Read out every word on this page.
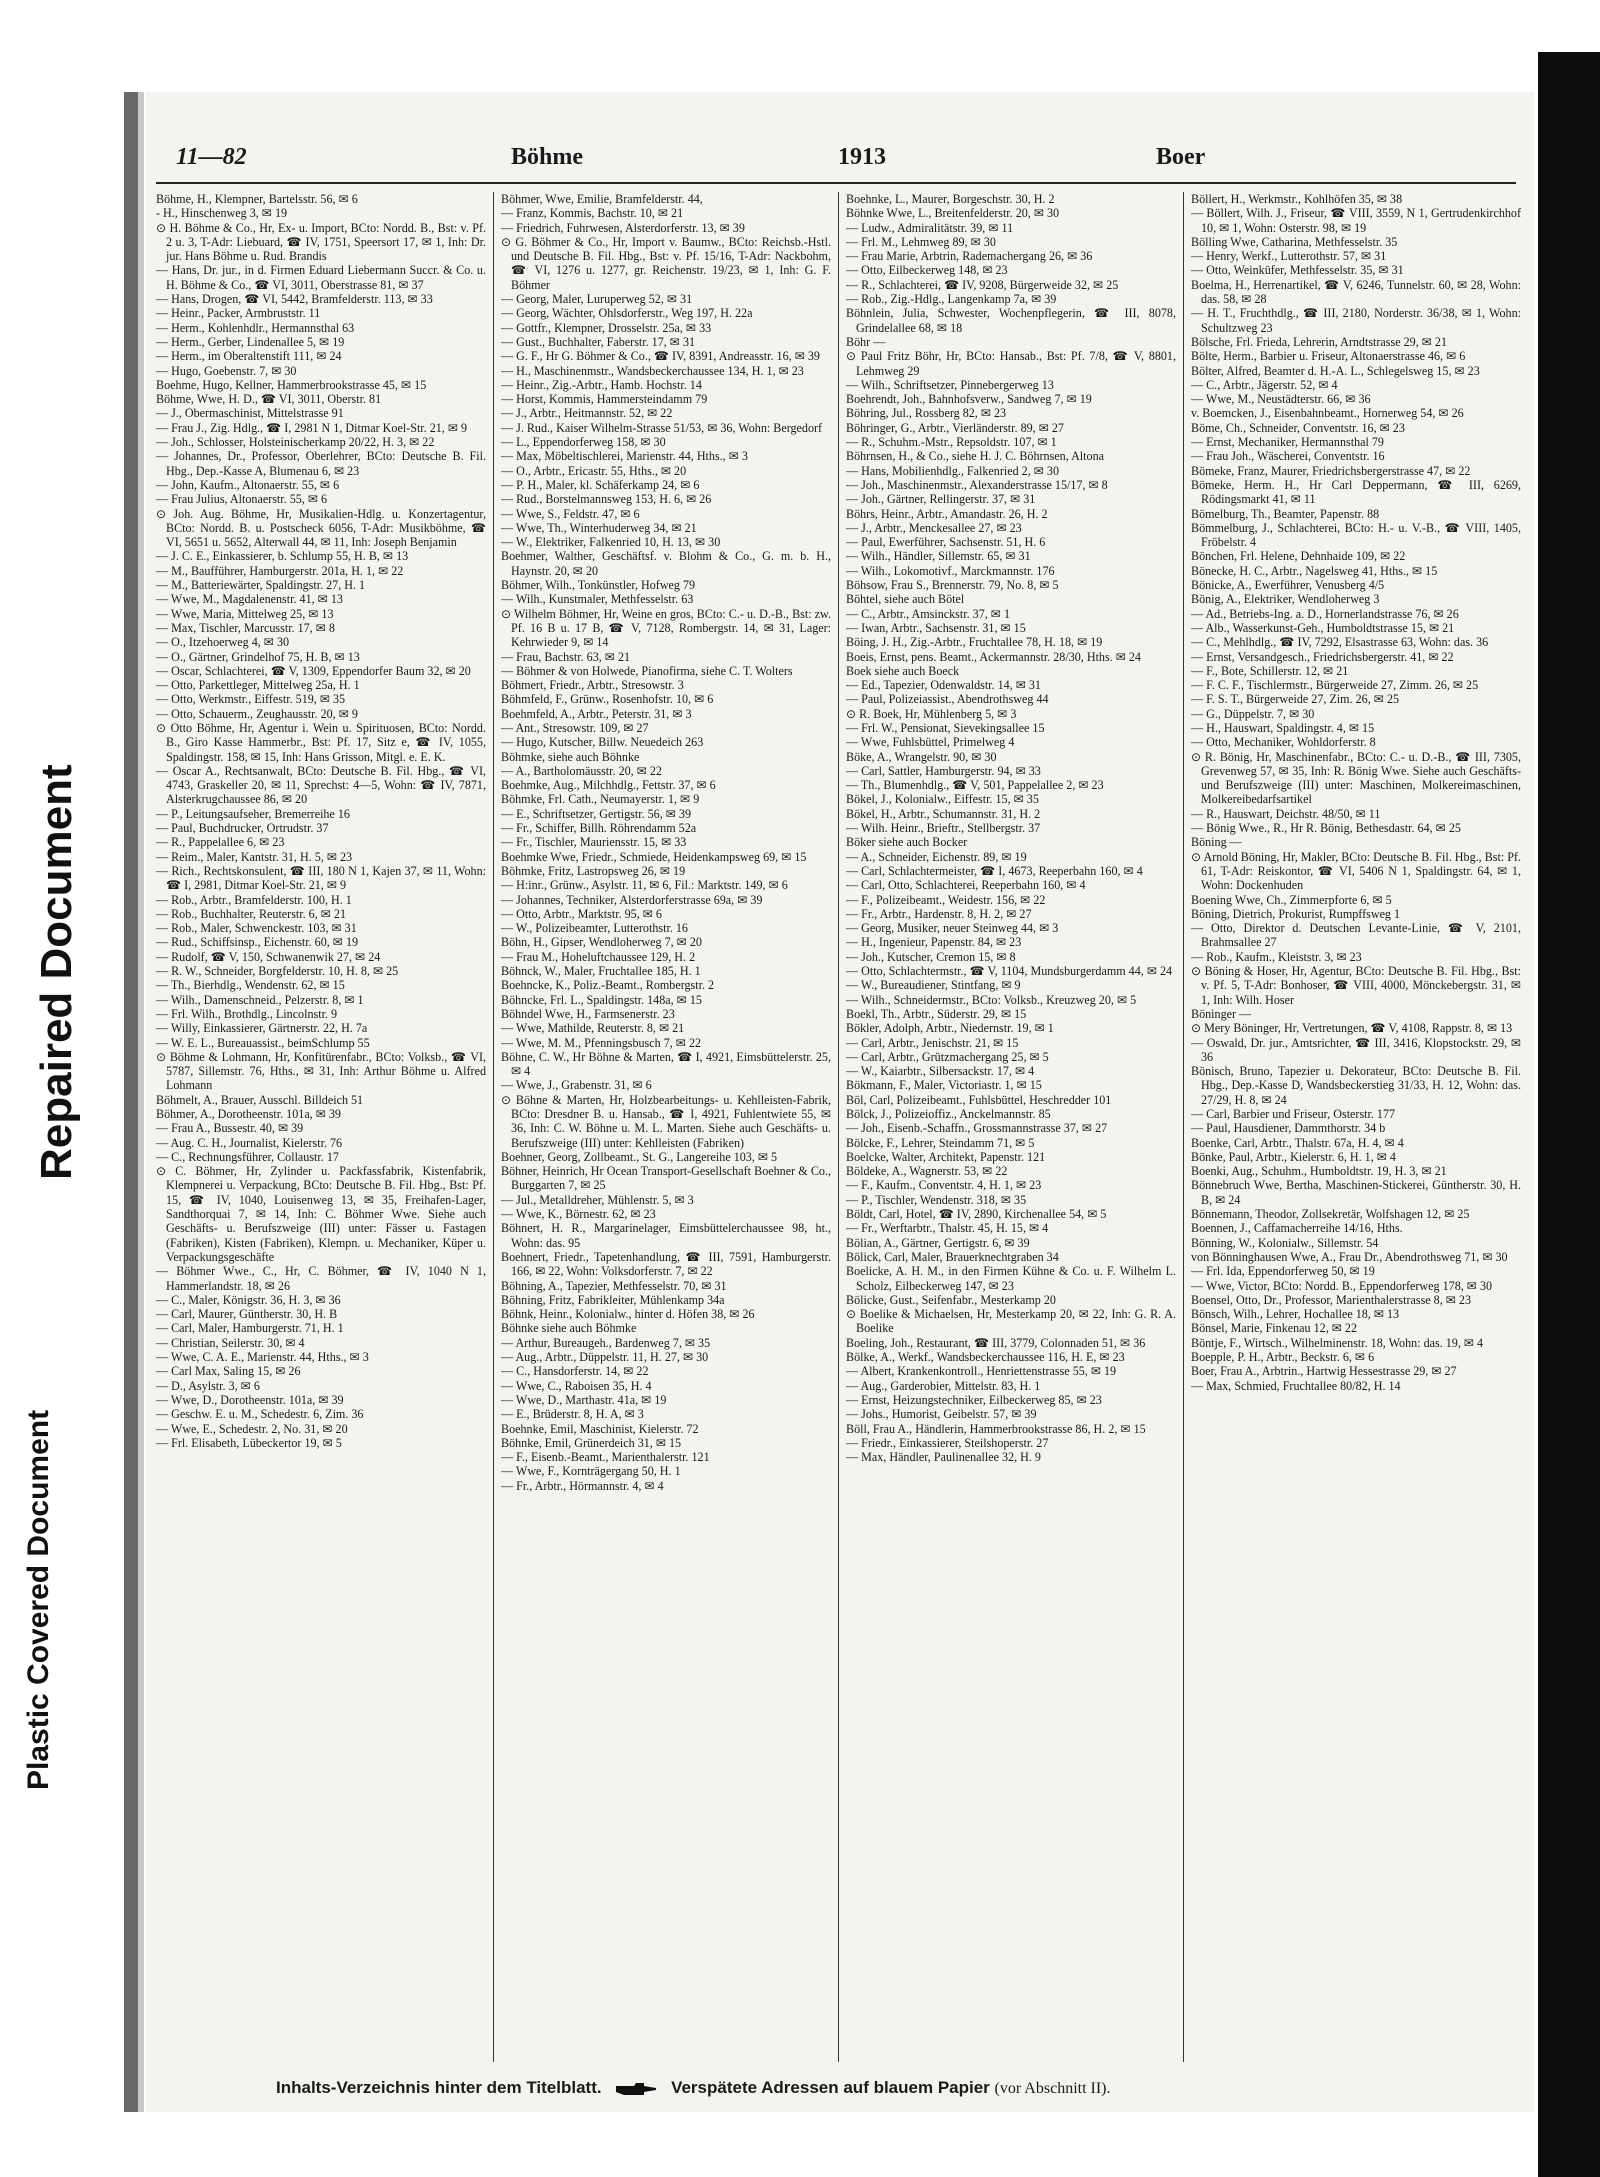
Plastic Covered Document
Repaired Document
11—82	Böhme	1913	Boer

Böhme, H., Klempner, Bartelsstr. 56, ✉ 6

- H., Hinschenweg 3, ✉ 19

⊙ H. Böhme & Co., Hr, Ex- u. Import, BCto: Nordd. B., Bst: v. Pf. 2 u. 3, T-Adr: Liebuard, ☎ IV, 1751, Speersort 17, ✉ 1, Inh: Dr. jur. Hans Böhme u. Rud. Brandis

— Hans, Dr. jur., in d. Firmen Eduard Liebermann Succr. & Co. u. H. Böhme & Co., ☎ VI, 3011, Oberstrasse 81, ✉ 37

— Hans, Drogen, ☎ VI, 5442, Bramfelderstr. 113, ✉ 33

— Heinr., Packer, Armbruststr. 11

— Herm., Kohlenhdlr., Hermannsthal 63

— Herm., Gerber, Lindenallee 5, ✉ 19

— Herm., im Oberaltenstift 111, ✉ 24

— Hugo, Goebenstr. 7, ✉ 30

Boehme, Hugo, Kellner, Hammerbrookstrasse 45, ✉ 15

Böhme, Wwe, H. D., ☎ VI, 3011, Oberstr. 81

— J., Obermaschinist, Mittelstrasse 91

— Frau J., Zig. Hdlg., ☎ I, 2981 N 1, Ditmar Koel-Str. 21, ✉ 9

— Joh., Schlosser, Holsteinischerkamp 20/22, H. 3, ✉ 22

— Johannes, Dr., Professor, Oberlehrer, BCto: Deutsche B. Fil. Hbg., Dep.-Kasse A, Blumenau 6, ✉ 23

— John, Kaufm., Altonaerstr. 55, ✉ 6

— Frau Julius, Altonaerstr. 55, ✉ 6

⊙ Joh. Aug. Böhme, Hr, Musikalien-Hdlg. u. Konzertagentur, BCto: Nordd. B. u. Postscheck 6056, T-Adr: Musikböhme, ☎ VI, 5651 u. 5652, Alterwall 44, ✉ 11, Inh: Joseph Benjamin

— J. C. E., Einkassierer, b. Schlump 55, H. B, ✉ 13

— M., Baufführer, Hamburgerstr. 201a, H. 1, ✉ 22

— M., Batteriewärter, Spaldingstr. 27, H. 1

— Wwe, M., Magdalenenstr. 41, ✉ 13

— Wwe, Maria, Mittelweg 25, ✉ 13

— Max, Tischler, Marcusstr. 17, ✉ 8

— O., Itzehoerweg 4, ✉ 30

— O., Gärtner, Grindelhof 75, H. B, ✉ 13

— Oscar, Schlachterei, ☎ V, 1309, Eppendorfer Baum 32, ✉ 20

— Otto, Parkettleger, Mittelweg 25a, H. 1

— Otto, Werkmstr., Eiffestr. 519, ✉ 35

— Otto, Schauerm., Zeughausstr. 20, ✉ 9

⊙ Otto Böhme, Hr, Agentur i. Wein u. Spirituosen, BCto: Nordd. B., Giro Kasse Hammerbr., Bst: Pf. 17, Sitz e, ☎ IV, 1055, Spaldingstr. 158, ✉ 15, Inh: Hans Grisson, Mitgl. e. E. K.

— Oscar A., Rechtsanwalt, BCto: Deutsche B. Fil. Hbg., ☎ VI, 4743, Graskeller 20, ✉ 11, Sprechst: 4—5, Wohn: ☎ IV, 7871, Alsterkrugchaussee 86, ✉ 20

— P., Leitungsaufseher, Bremerreihe 16

— Paul, Buchdrucker, Ortrudstr. 37

— R., Pappelallee 6, ✉ 23

— Reim., Maler, Kantstr. 31, H. 5, ✉ 23

— Rich., Rechtskonsulent, ☎ III, 180 N 1, Kajen 37, ✉ 11, Wohn: ☎ I, 2981, Ditmar Koel-Str. 21, ✉ 9

— Rob., Arbtr., Bramfelderstr. 100, H. 1

— Rob., Buchhalter, Reuterstr. 6, ✉ 21

— Rob., Maler, Schwenckestr. 103, ✉ 31

— Rud., Schiffsinsp., Eichenstr. 60, ✉ 19

— Rudolf, ☎ V, 150, Schwanenwik 27, ✉ 24

— R. W., Schneider, Borgfelderstr. 10, H. 8, ✉ 25

— Th., Bierhdlg., Wendenstr. 62, ✉ 15

— Wilh., Damenschneid., Pelzerstr. 8, ✉ 1

— Frl. Wilh., Brothdlg., Lincolnstr. 9

— Willy, Einkassierer, Gärtnerstr. 22, H. 7a

— W. E. L., Bureauassist., beimSchlump 55

⊙ Böhme & Lohmann, Hr, Konfitürenfabr., BCto: Volksb., ☎ VI, 5787, Sillemstr. 76, Hths., ✉ 31, Inh: Arthur Böhme u. Alfred Lohmann

Böhmelt, A., Brauer, Ausschl. Billdeich 51

Böhmer, A., Dorotheenstr. 101a, ✉ 39

— Frau A., Bussestr. 40, ✉ 39

— Aug. C. H., Journalist, Kielerstr. 76

— C., Rechnungsführer, Collaustr. 17

⊙ C. Böhmer, Hr, Zylinder u. Packfassfabrik, Kistenfabrik, Klempnerei u. Verpackung, BCto: Deutsche B. Fil. Hbg., Bst: Pf. 15, ☎ IV, 1040, Louisenweg 13, ✉ 35, Freihafen-Lager, Sandthorquai 7, ✉ 14, Inh: C. Böhmer Wwe. Siehe auch Geschäfts- u. Berufszweige (III) unter: Fässer u. Fastagen (Fabriken), Kisten (Fabriken), Klempn. u. Mechaniker, Küper u. Verpackungsgeschäfte

— Böhmer Wwe., C., Hr, C. Böhmer, ☎ IV, 1040 N 1, Hammerlandstr. 18, ✉ 26

— C., Maler, Königstr. 36, H. 3, ✉ 36

— Carl, Maurer, Güntherstr. 30, H. B

— Carl, Maler, Hamburgerstr. 71, H. 1

— Christian, Seilerstr. 30, ✉ 4

— Wwe, C. A. E., Marienstr. 44, Hths., ✉ 3

— Carl Max, Saling 15, ✉ 26

— D., Asylstr. 3, ✉ 6

— Wwe, D., Dorotheenstr. 101a, ✉ 39

— Geschw. E. u. M., Schedestr. 6, Zim. 36

— Wwe, E., Schedestr. 2, No. 31, ✉ 20

— Frl. Elisabeth, Lübeckertor 19, ✉ 5

Böhmer, Wwe, Emilie, Bramfelderstr. 44,

— Franz, Kommis, Bachstr. 10, ✉ 21

— Friedrich, Fuhrwesen, Alsterdorferstr. 13, ✉ 39

⊙ G. Böhmer & Co., Hr, Import v. Baumw., BCto: Reichsb.-Hstl. und Deutsche B. Fil. Hbg., Bst: v. Pf. 15/16, T-Adr: Nackbohm, ☎ VI, 1276 u. 1277, gr. Reichenstr. 19/23, ✉ 1, Inh: G. F. Böhmer

— Georg, Maler, Luruperweg 52, ✉ 31

— Georg, Wächter, Ohlsdorferstr., Weg 197, H. 22a

— Gottfr., Klempner, Drosselstr. 25a, ✉ 33

— Gust., Buchhalter, Faberstr. 17, ✉ 31

— G. F., Hr G. Böhmer & Co., ☎ IV, 8391, Andreasstr. 16, ✉ 39

— H., Maschinenmstr., Wandsbeckerchaussee 134, H. 1, ✉ 23

— Heinr., Zig.-Arbtr., Hamb. Hochstr. 14

— Horst, Kommis, Hammersteindamm 79

— J., Arbtr., Heitmannstr. 52, ✉ 22

— J. Rud., Kaiser Wilhelm-Strasse 51/53, ✉ 36, Wohn: Bergedorf

— L., Eppendorferweg 158, ✉ 30

— Max, Möbeltischlerei, Marienstr. 44, Hths., ✉ 3

— O., Arbtr., Ericastr. 55, Hths., ✉ 20

— P. H., Maler, kl. Schäferkamp 24, ✉ 6

— Rud., Borstelmannsweg 153, H. 6, ✉ 26

— Wwe, S., Feldstr. 47, ✉ 6

— Wwe, Th., Winterhuderweg 34, ✉ 21

— W., Elektriker, Falkenried 10, H. 13, ✉ 30

Boehmer, Walther, Geschäftsf. v. Blohm & Co., G. m. b. H., Haynstr. 20, ✉ 20

Böhmer, Wilh., Tonkünstler, Hofweg 79

— Wilh., Kunstmaler, Methfesselstr. 63

⊙ Wilhelm Böhmer, Hr, Weine en gros, BCto: C.- u. D.-B., Bst: zw. Pf. 16 B u. 17 B, ☎ V, 7128, Rombergstr. 14, ✉ 31, Lager: Kehrwieder 9, ✉ 14

— Frau, Bachstr. 63, ✉ 21

— Böhmer & von Holwede, Pianofirma, siehe C. T. Wolters

Böhmert, Friedr., Arbtr., Stresowstr. 3

Böhmfeld, F., Grünw., Rosenhofstr. 10, ✉ 6

Boehmfeld, A., Arbtr., Peterstr. 31, ✉ 3

— Ant., Stresowstr. 109, ✉ 27

— Hugo, Kutscher, Billw. Neuedeich 263

Böhmke, siehe auch Böhnke

— A., Bartholomäusstr. 20, ✉ 22

Boehmke, Aug., Milchhdlg., Fettstr. 37, ✉ 6

Böhmke, Frl. Cath., Neumayerstr. 1, ✉ 9

— E., Schriftsetzer, Gertigstr. 56, ✉ 39

— Fr., Schiffer, Billh. Röhrendamm 52a

— Fr., Tischler, Mauriensstr. 15, ✉ 33

Boehmke Wwe, Friedr., Schmiede, Heidenkampsweg 69, ✉ 15

Böhmke, Fritz, Lastropsweg 26, ✉ 19

— H:inr., Grünw., Asylstr. 11, ✉ 6, Fil.: Marktstr. 149, ✉ 6

— Johannes, Techniker, Alsterdorferstrasse 69a, ✉ 39

— Otto, Arbtr., Marktstr. 95, ✉ 6

— W., Polizeibeamter, Lutterothstr. 16

Böhn, H., Gipser, Wendloherweg 7, ✉ 20

— Frau M., Hoheluftchaussee 129, H. 2

Böhnck, W., Maler, Fruchtallee 185, H. 1

Boehncke, K., Poliz.-Beamt., Rombergstr. 2

Böhncke, Frl. L., Spaldingstr. 148a, ✉ 15

Böhndel Wwe, H., Farmsenerstr. 23

— Wwe, Mathilde, Reuterstr. 8, ✉ 21

— Wwe, M. M., Pfenningsbusch 7, ✉ 22

Böhne, C. W., Hr Böhne & Marten, ☎ I, 4921, Eimsbüttelerstr. 25, ✉ 4

— Wwe, J., Grabenstr. 31, ✉ 6

⊙ Böhne & Marten, Hr, Holzbearbeitungs- u. Kehlleisten-Fabrik, BCto: Dresdner B. u. Hansab., ☎ I, 4921, Fuhlentwiete 55, ✉ 36, Inh: C. W. Böhne u. M. L. Marten. Siehe auch Geschäfts- u. Berufszweige (III) unter: Kehlleisten (Fabriken)

Boehner, Georg, Zollbeamt., St. G., Langereihe 103, ✉ 5

Böhner, Heinrich, Hr Ocean Transport-Gesellschaft Boehner & Co., Burggarten 7, ✉ 25

— Jul., Metalldreher, Mühlenstr. 5, ✉ 3

— Wwe, K., Börnestr. 62, ✉ 23

Böhnert, H. R., Margarinelager, Eimsbüttelerchaussee 98, ht., Wohn: das. 95

Boehnert, Friedr., Tapetenhandlung, ☎ III, 7591, Hamburgerstr. 166, ✉ 22, Wohn: Volksdorferstr. 7, ✉ 22

Böhning, A., Tapezier, Methfesselstr. 70, ✉ 31

Böhning, Fritz, Fabrikleiter, Mühlenkamp 34a

Böhnk, Heinr., Kolonialw., hinter d. Höfen 38, ✉ 26

Böhnke siehe auch Böhmke

— Arthur, Bureaugeh., Bardenweg 7, ✉ 35

— Aug., Arbtr., Düppelstr. 11, H. 27, ✉ 30

— C., Hansdorferstr. 14, ✉ 22

— Wwe, C., Raboisen 35, H. 4

— Wwe, D., Marthastr. 41a, ✉ 19

— E., Brüderstr. 8, H. A, ✉ 3

Boehnke, Emil, Maschinist, Kielerstr. 72

Böhnke, Emil, Grünerdeich 31, ✉ 15

— F., Eisenb.-Beamt., Marienthalerstr. 121

— Wwe, F., Kornträgergang 50, H. 1

— Fr., Arbtr., Hörmannstr. 4, ✉ 4

Boehnke, L., Maurer, Borgeschstr. 30, H. 2

Böhnke Wwe, L., Breitenfelderstr. 20, ✉ 30

— Ludw., Admiralitätstr. 39, ✉ 11

— Frl. M., Lehmweg 89, ✉ 30

— Frau Marie, Arbtrin, Rademachergang 26, ✉ 36

— Otto, Eilbeckerweg 148, ✉ 23

— R., Schlachterei, ☎ IV, 9208, Bürgerweide 32, ✉ 25

— Rob., Zig.-Hdlg., Langenkamp 7a, ✉ 39

Böhnlein, Julia, Schwester, Wochenpflegerin, ☎ III, 8078, Grindelallee 68, ✉ 18

Böhr —

⊙ Paul Fritz Böhr, Hr, BCto: Hansab., Bst: Pf. 7/8, ☎ V, 8801, Lehmweg 29

— Wilh., Schriftsetzer, Pinnebergerweg 13

Boehrendt, Joh., Bahnhofsverw., Sandweg 7, ✉ 19

Böhring, Jul., Rossberg 82, ✉ 23

Böhringer, G., Arbtr., Vierländerstr. 89, ✉ 27

— R., Schuhm.-Mstr., Repsoldstr. 107, ✉ 1

Böhrnsen, H., & Co., siehe H. J. C. Böhrnsen, Altona

— Hans, Mobilienhdlg., Falkenried 2, ✉ 30

— Joh., Maschinenmstr., Alexanderstrasse 15/17, ✉ 8

— Joh., Gärtner, Rellingerstr. 37, ✉ 31

Böhrs, Heinr., Arbtr., Amandastr. 26, H. 2

— J., Arbtr., Menckesallee 27, ✉ 23

— Paul, Ewerführer, Sachsenstr. 51, H. 6

— Wilh., Händler, Sillemstr. 65, ✉ 31

— Wilh., Lokomotivf., Marckmannstr. 176

Böhsow, Frau S., Brennerstr. 79, No. 8, ✉ 5

Böhtel, siehe auch Bötel

— C., Arbtr., Amsinckstr. 37, ✉ 1

— Iwan, Arbtr., Sachsenstr. 31, ✉ 15

Böing, J. H., Zig.-Arbtr., Fruchtallee 78, H. 18, ✉ 19

Boeis, Ernst, pens. Beamt., Ackermannstr. 28/30, Hths. ✉ 24

Boek siehe auch Boeck

— Ed., Tapezier, Odenwaldstr. 14, ✉ 31

— Paul, Polizeiassist., Abendrothsweg 44

⊙ R. Boek, Hr, Mühlenberg 5, ✉ 3

— Frl. W., Pensionat, Sievekingsallee 15

— Wwe, Fuhlsbüttel, Primelweg 4

Böke, A., Wrangelstr. 90, ✉ 30

— Carl, Sattler, Hamburgerstr. 94, ✉ 33

— Th., Blumenhdlg., ☎ V, 501, Pappelallee 2, ✉ 23

Bökel, J., Kolonialw., Eiffestr. 15, ✉ 35

Bökel, H., Arbtr., Schumannstr. 31, H. 2

— Wilh. Heinr., Brieftr., Stellbergstr. 37

Böker siehe auch Bocker

— A., Schneider, Eichenstr. 89, ✉ 19

— Carl, Schlachtermeister, ☎ I, 4673, Reeperbahn 160, ✉ 4

— Carl, Otto, Schlachterei, Reeperbahn 160, ✉ 4

— F., Polizeibeamt., Weidestr. 156, ✉ 22

— Fr., Arbtr., Hardenstr. 8, H. 2, ✉ 27

— Georg, Musiker, neuer Steinweg 44, ✉ 3

— H., Ingenieur, Papenstr. 84, ✉ 23

— Joh., Kutscher, Cremon 15, ✉ 8

— Otto, Schlachtermstr., ☎ V, 1104, Mundsburgerdamm 44, ✉ 24

— W., Bureaudiener, Stintfang, ✉ 9

— Wilh., Schneidermstr., BCto: Volksb., Kreuzweg 20, ✉ 5

Boekl, Th., Arbtr., Süderstr. 29, ✉ 15

Bökler, Adolph, Arbtr., Niedernstr. 19, ✉ 1

— Carl, Arbtr., Jenischstr. 21, ✉ 15

— Carl, Arbtr., Grützmachergang 25, ✉ 5

— W., Kaiarbtr., Silbersackstr. 17, ✉ 4

Bökmann, F., Maler, Victoriastr. 1, ✉ 15

Böl, Carl, Polizeibeamt., Fuhlsbüttel, Heschredder 101

Bölck, J., Polizeioffiz., Anckelmannstr. 85

— Joh., Eisenb.-Schaffn., Grossmannstrasse 37, ✉ 27

Bölcke, F., Lehrer, Steindamm 71, ✉ 5

Boelcke, Walter, Architekt, Papenstr. 121

Böldeke, A., Wagnerstr. 53, ✉ 22

— F., Kaufm., Conventstr. 4, H. 1, ✉ 23

— P., Tischler, Wendenstr. 318, ✉ 35

Böldt, Carl, Hotel, ☎ IV, 2890, Kirchenallee 54, ✉ 5

— Fr., Werftarbtr., Thalstr. 45, H. 15, ✉ 4

Bölian, A., Gärtner, Gertigstr. 6, ✉ 39

Bölick, Carl, Maler, Brauerknechtgraben 34

Boelicke, A. H. M., in den Firmen Kühne & Co. u. F. Wilhelm L. Scholz, Eilbeckerweg 147, ✉ 23

Bölicke, Gust., Seifenfabr., Mesterkamp 20

⊙ Boelike & Michaelsen, Hr, Mesterkamp 20, ✉ 22, Inh: G. R. A. Boelike

Boeling, Joh., Restaurant, ☎ III, 3779, Colonnaden 51, ✉ 36

Bölke, A., Werkf., Wandsbeckerchaussee 116, H. E, ✉ 23

— Albert, Krankenkontroll., Henriettenstrasse 55, ✉ 19

— Aug., Garderobier, Mittelstr. 83, H. 1

— Ernst, Heizungstechniker, Eilbeckerweg 85, ✉ 23

— Johs., Humorist, Geibelstr. 57, ✉ 39

Böll, Frau A., Händlerin, Hammerbrookstrasse 86, H. 2, ✉ 15

— Friedr., Einkassierer, Steilshoperstr. 27

— Max, Händler, Paulinenallee 32, H. 9

Böllert, H., Werkmstr., Kohlhöfen 35, ✉ 38

— Böllert, Wilh. J., Friseur, ☎ VIII, 3559, N 1, Gertrudenkirchhof 10, ✉ 1, Wohn: Osterstr. 98, ✉ 19

Bölling Wwe, Catharina, Methfesselstr. 35

— Henry, Werkf., Lutterothstr. 57, ✉ 31

— Otto, Weinküfer, Methfesselstr. 35, ✉ 31

Boelma, H., Herrenartikel, ☎ V, 6246, Tunnelstr. 60, ✉ 28, Wohn: das. 58, ✉ 28

— H. T., Fruchthdlg., ☎ III, 2180, Norderstr. 36/38, ✉ 1, Wohn: Schultzweg 23

Bölsche, Frl. Frieda, Lehrerin, Arndtstrasse 29, ✉ 21

Bölte, Herm., Barbier u. Friseur, Altonaerstrasse 46, ✉ 6

Bölter, Alfred, Beamter d. H.-A. L., Schlegelsweg 15, ✉ 23

— C., Arbtr., Jägerstr. 52, ✉ 4

— Wwe, M., Neustädterstr. 66, ✉ 36

v. Boemcken, J., Eisenbahnbeamt., Hornerweg 54, ✉ 26

Böme, Ch., Schneider, Conventstr. 16, ✉ 23

— Ernst, Mechaniker, Hermannsthal 79

— Frau Joh., Wäscherei, Conventstr. 16

Bömeke, Franz, Maurer, Friedrichsbergerstrasse 47, ✉ 22

Bömeke, Herm. H., Hr Carl Deppermann, ☎ III, 6269, Rödingsmarkt 41, ✉ 11

Bömelburg, Th., Beamter, Papenstr. 88

Bömmelburg, J., Schlachterei, BCto: H.- u. V.-B., ☎ VIII, 1405, Fröbelstr. 4

Bönchen, Frl. Helene, Dehnhaide 109, ✉ 22

Bönecke, H. C., Arbtr., Nagelsweg 41, Hths., ✉ 15

Bönicke, A., Ewerführer, Venusberg 4/5

Bönig, A., Elektriker, Wendloherweg 3

— Ad., Betriebs-Ing. a. D., Hornerlandstrasse 76, ✉ 26

— Alb., Wasserkunst-Geh., Humboldtstrasse 15, ✉ 21

— C., Mehlhdlg., ☎ IV, 7292, Elsastrasse 63, Wohn: das. 36

— Ernst, Versandgesch., Friedrichsbergerstr. 41, ✉ 22

— F., Bote, Schillerstr. 12, ✉ 21

— F. C. F., Tischlermstr., Bürgerweide 27, Zimm. 26, ✉ 25

— F. S. T., Bürgerweide 27, Zim. 26, ✉ 25

— G., Düppelstr. 7, ✉ 30

— H., Hauswart, Spaldingstr. 4, ✉ 15

— Otto, Mechaniker, Wohldorferstr. 8

⊙ R. Bönig, Hr, Maschinenfabr., BCto: C.- u. D.-B., ☎ III, 7305, Grevenweg 57, ✉ 35, Inh: R. Bönig Wwe. Siehe auch Geschäfts- und Berufszweige (III) unter: Maschinen, Molkereimaschinen, Molkereibedarfsartikel

— R., Hauswart, Deichstr. 48/50, ✉ 11

— Bönig Wwe., R., Hr R. Bönig, Bethesdastr. 64, ✉ 25

Böning —

⊙ Arnold Böning, Hr, Makler, BCto: Deutsche B. Fil. Hbg., Bst: Pf. 61, T-Adr: Reiskontor, ☎ VI, 5406 N 1, Spaldingstr. 64, ✉ 1, Wohn: Dockenhuden

Boening Wwe, Ch., Zimmerpforte 6, ✉ 5

Böning, Dietrich, Prokurist, Rumpffsweg 1

— Otto, Direktor d. Deutschen Levante-Linie, ☎ V, 2101, Brahmsallee 27

— Rob., Kaufm., Kleiststr. 3, ✉ 23

⊙ Böning & Hoser, Hr, Agentur, BCto: Deutsche B. Fil. Hbg., Bst: v. Pf. 5, T-Adr: Bonhoser, ☎ VIII, 4000, Mönckebergstr. 31, ✉ 1, Inh: Wilh. Hoser

Böninger —

⊙ Mery Böninger, Hr, Vertretungen, ☎ V, 4108, Rappstr. 8, ✉ 13

— Oswald, Dr. jur., Amtsrichter, ☎ III, 3416, Klopstockstr. 29, ✉ 36

Bönisch, Bruno, Tapezier u. Dekorateur, BCto: Deutsche B. Fil. Hbg., Dep.-Kasse D, Wandsbeckerstieg 31/33, H. 12, Wohn: das. 27/29, H. 8, ✉ 24

— Carl, Barbier und Friseur, Osterstr. 177

— Paul, Hausdiener, Dammthorstr. 34 b

Boenke, Carl, Arbtr., Thalstr. 67a, H. 4, ✉ 4

Bönke, Paul, Arbtr., Kielerstr. 6, H. 1, ✉ 4

Boenki, Aug., Schuhm., Humboldtstr. 19, H. 3, ✉ 21

Bönnebruch Wwe, Bertha, Maschinen-Stickerei, Güntherstr. 30, H. B, ✉ 24

Bönnemann, Theodor, Zollsekretär, Wolfshagen 12, ✉ 25

Boennen, J., Caffamacherreihe 14/16, Hths.

Bönning, W., Kolonialw., Sillemstr. 54

von Bönninghausen Wwe, A., Frau Dr., Abendrothsweg 71, ✉ 30

— Frl. Ida, Eppendorferweg 50, ✉ 19

— Wwe, Victor, BCto: Nordd. B., Eppendorferweg 178, ✉ 30

Boensel, Otto, Dr., Professor, Marienthalerstrasse 8, ✉ 23

Bönsch, Wilh., Lehrer, Hochallee 18, ✉ 13

Bönsel, Marie, Finkenau 12, ✉ 22

Böntje, F., Wirtsch., Wilhelminenstr. 18, Wohn: das. 19, ✉ 4

Boepple, P. H., Arbtr., Beckstr. 6, ✉ 6

Boer, Frau A., Arbtrin., Hartwig Hessestrasse 29, ✉ 27

— Max, Schmied, Fruchtallee 80/82, H. 14

Inhalts-Verzeichnis hinter dem Titelblatt.	Verspätete Adressen auf blauem Papier (vor Abschnitt II).
